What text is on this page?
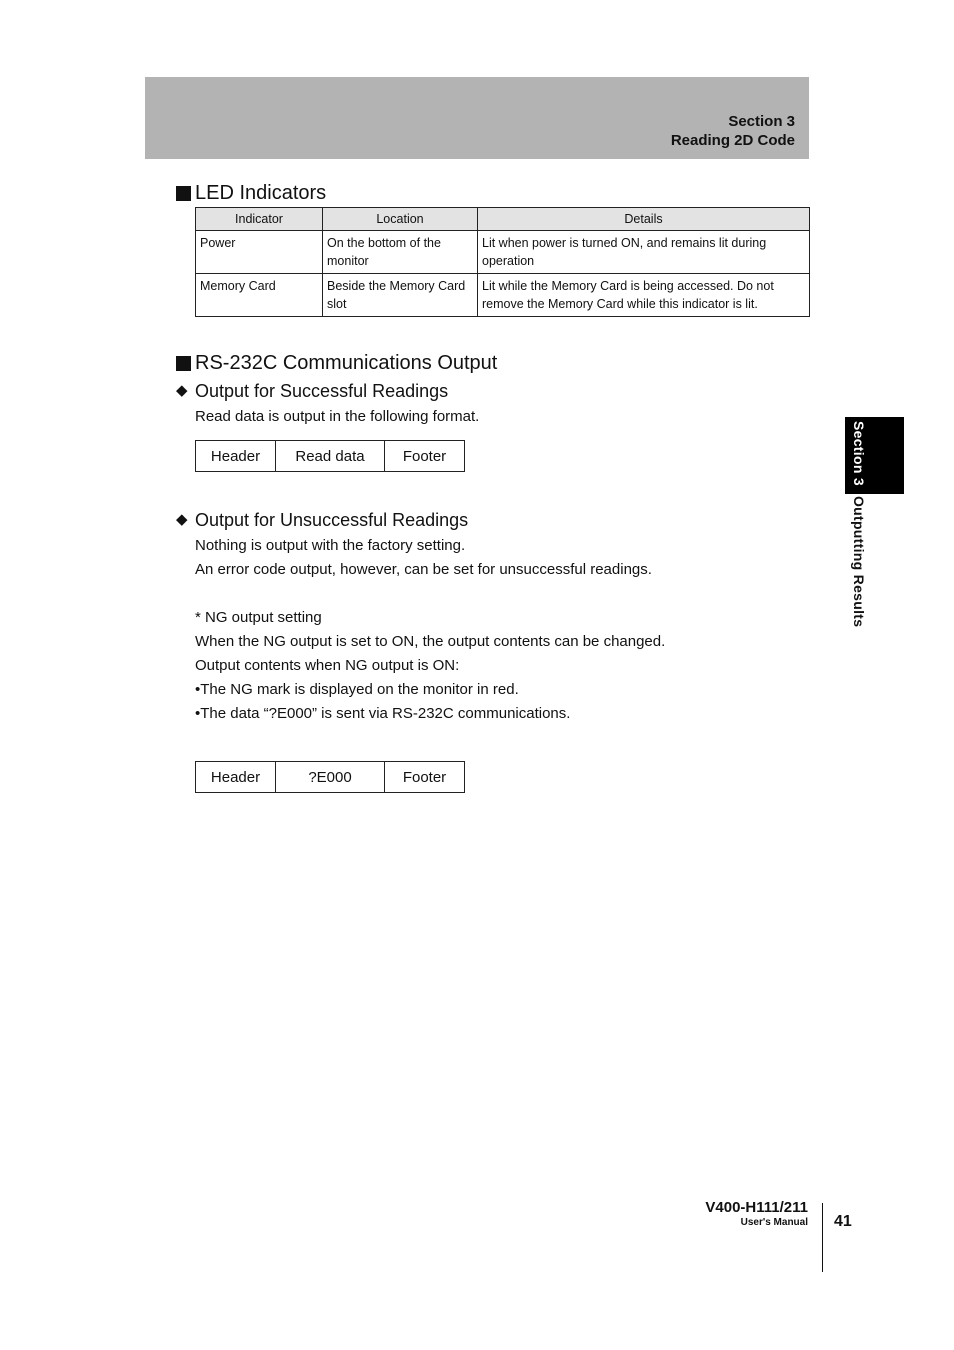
Section 3
Reading 2D Code
LED Indicators
Indicator	Location	Details
Power	On the bottom of the monitor	Lit when power is turned ON, and remains lit during operation
Memory Card	Beside the Memory Card slot	Lit while the Memory Card is being accessed. Do not remove the Memory Card while this indicator is lit.
RS-232C Communications Output
◆ Output for Successful Readings
Read data is output in the following format.
Header	Read data	Footer
◆ Output for Unsuccessful Readings
Nothing is output with the factory setting.
An error code output, however, can be set for unsuccessful readings.
* NG output setting
When the NG output is set to ON, the output contents can be changed.
Output contents when NG output is ON:
•The NG mark is displayed on the monitor in red.
•The data “?E000” is sent via RS-232C communications.
Header	?E000	Footer
Section 3Outputting Results
V400-H111/211
User's Manual 41
